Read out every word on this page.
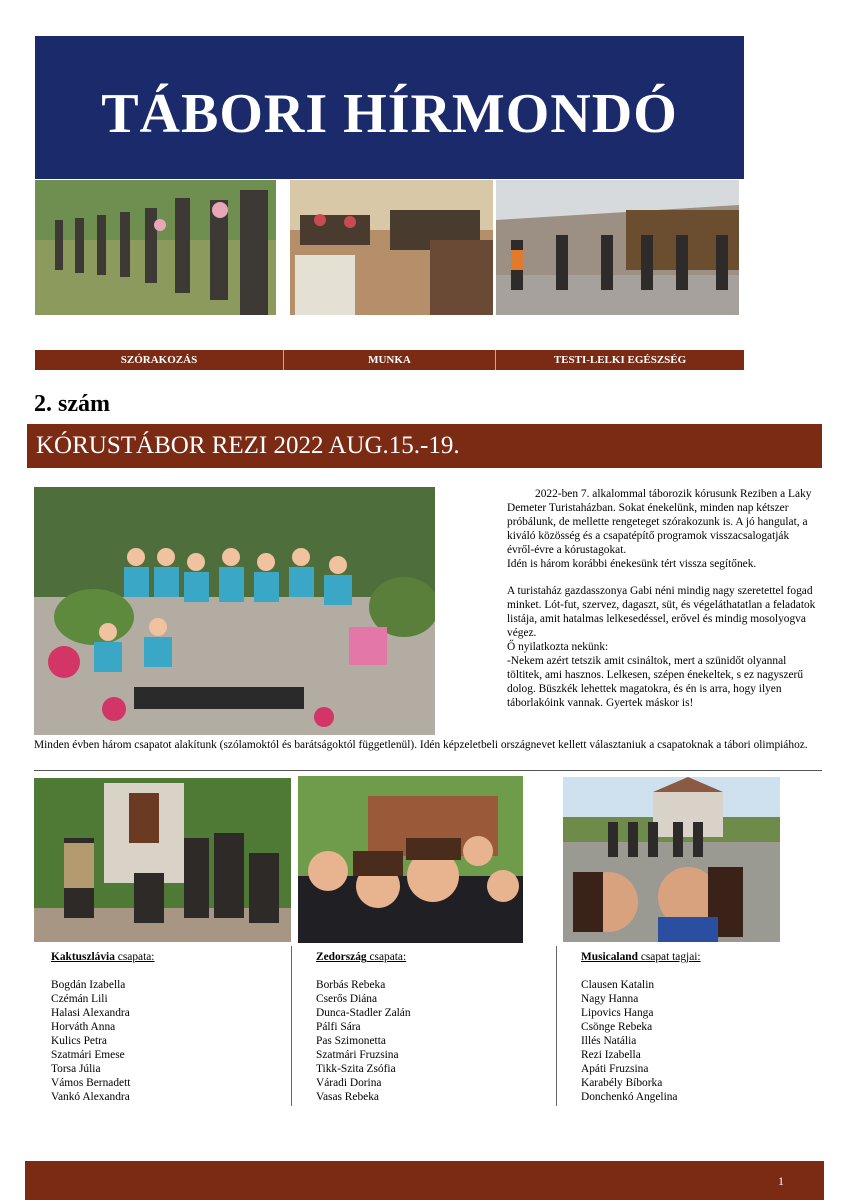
TÁBORI HÍRMONDÓ
SZÓRAKOZÁS	MUNKA	TESTI-LELKI EGÉSZSÉG
2. szám
KÓRUSTÁBOR REZI 2022 AUG.15.-19.

2022-ben 7. alkalommal táborozik kórusunk Reziben a Laky Demeter Turistaházban. Sokat énekelünk, minden nap kétszer próbálunk, de mellette rengeteget szórakozunk is. A jó hangulat, a kiváló közösség és a csapatépítő programok visszacsalogatják évről-évre a kórustagokat.

Idén is három korábbi énekesünk tért vissza segítőnek.

A turistaház gazdasszonya Gabi néni mindig nagy szeretettel fogad minket. Lót-fut, szervez, dagaszt, süt, és végeláthatatlan a feladatok listája, amit hatalmas lelkesedéssel, erővel és mindig mosolyogva végez.

Ő nyilatkozta nekünk:

-Nekem azért tetszik amit csináltok, mert a szünidőt olyannal töltitek, ami hasznos. Lelkesen, szépen énekeltek, s ez nagyszerű dolog. Büszkék lehettek magatokra, és én is arra, hogy ilyen táborlakóink vannak. Gyertek máskor is!

Minden évben három csapatot alakítunk (szólamoktól és barátságoktól függetlenül). Idén képzeletbeli országnevet kellett választaniuk a csapatoknak a tábori olimpiához.
Kaktuszlávia csapata:
Bogdán Izabella
Czémán Lili
Halasi Alexandra
Horváth Anna
Kulics Petra
Szatmári Emese
Torsa Júlia
Vámos Bernadett
Vankó Alexandra
Zedország csapata:
Borbás Rebeka
Cserős Diána
Dunca-Stadler Zalán
Pálfi Sára
Pas Szimonetta
Szatmári Fruzsina
Tikk-Szita Zsófia
Váradi Dorina
Vasas Rebeka
Musicaland csapat tagjai:
Clausen Katalin
Nagy Hanna
Lipovics Hanga
Csönge Rebeka
Illés Natália
Rezi Izabella
Apáti Fruzsina
Karabély Bíborka
Donchenkó Angelina
1
